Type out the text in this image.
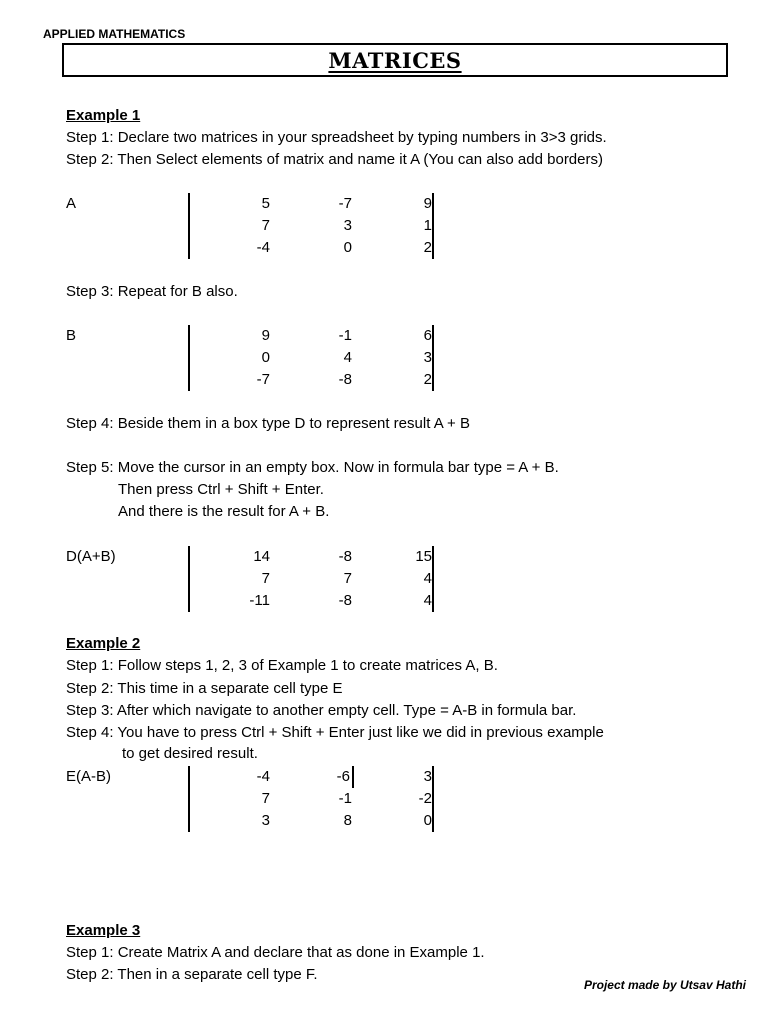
APPLIED MATHEMATICS
MATRICES
Example 1
Step 1: Declare two matrices in your spreadsheet by typing numbers in 3>3 grids.
Step 2: Then Select elements of matrix and name it A (You can also add borders)
A	5	-7	9
7	3	1
-4	0	2
Step 3: Repeat for B also.
B	9	-1	6
0	4	3
-7	-8	2
Step 4: Beside them in a box type D to represent result A + B
Step 5: Move the cursor in an empty box. Now in formula bar type = A + B.
Then press Ctrl + Shift + Enter.
And there is the result for A + B.
D(A+B)	14	-8	15
7	7	4
-11	-8	4
Example 2
Step 1: Follow steps 1, 2, 3 of Example 1 to create matrices A, B.
Step 2: This time in a separate cell type E
Step 3: After which navigate to another empty cell. Type = A-B in formula bar.
Step 4: You have to press Ctrl + Shift + Enter just like we did in previous example
to get desired result.
E(A-B)	-4	-6	3
7	-1	-2
3	8	0
Example 3
Step 1: Create Matrix A and declare that as done in Example 1.
Step 2: Then in a separate cell type F.
Project made by Utsav Hathi
